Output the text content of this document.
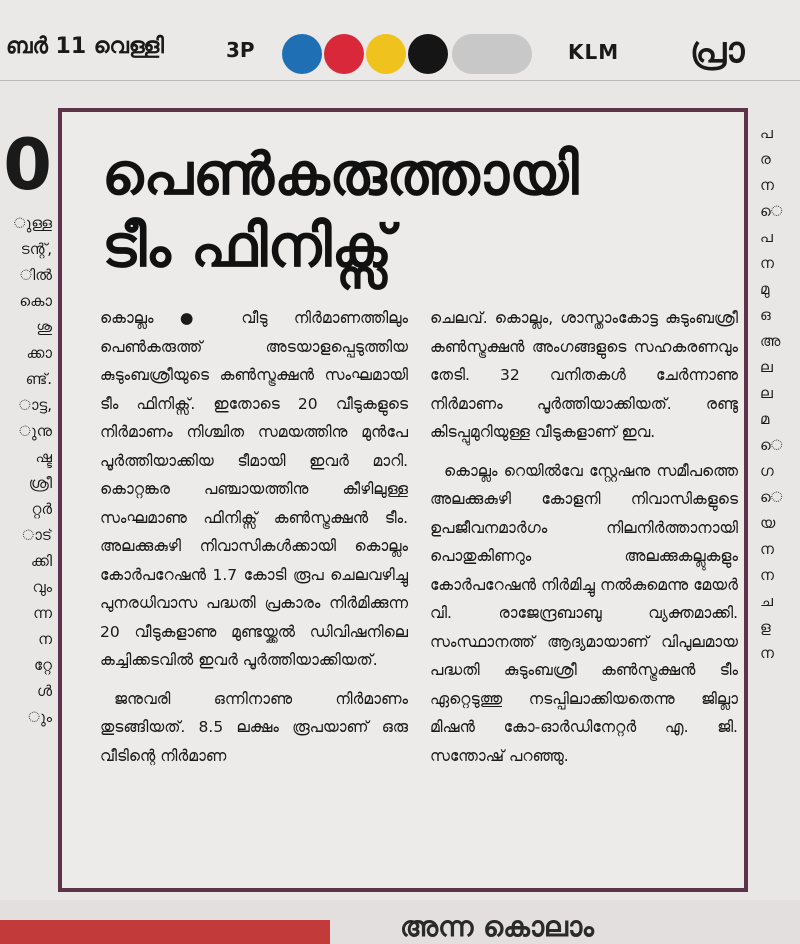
ബർ 11 വെള്ളി	3P	KLM പ്രാ
0
ുള്ള
ടന്റ്,
ിൽ
കൊ
ശു
ക്കാ
ണ്ട്.
ാട്ട,
ുനു
ഷ്ട
ശ്രീ
റ്റർ
ാട്
ക്കി
വും
ന്ന
ന
റ്റേ
ൾ
ും
പ
ര
ന
െ
പ
ന
മു
ഒ
അ
ല
ല
മ
െ
ഗ
െ
യ
ന
ന
ച
ള
ന
പെൺകരുത്തായി
ടീം ഫിനിക്സ്

കൊല്ലം ● വീടു നിർമാണത്തിലും പെൺകരുത്ത് അടയാളപ്പെടുത്തിയ കുടുംബശ്രീയുടെ കൺസ്ട്രക്ഷൻ സംഘമായി ടീം ഫിനിക്സ്. ഇതോടെ 20 വീടുകളുടെ നിർമാണം നിശ്ചിത സമയത്തിനു മുൻപേ പൂർത്തിയാക്കിയ ടീമായി ഇവർ മാറി. കൊറ്റങ്കര പഞ്ചായത്തിനു കീഴിലുള്ള സംഘമാണു ഫിനിക്സ് കൺസ്ട്രക്ഷൻ ടീം. അലക്കുകുഴി നിവാസികൾക്കായി കൊല്ലം കോർപറേഷൻ 1.7 കോടി രൂപ ചെലവഴിച്ചു പുനരധിവാസ പദ്ധതി പ്രകാരം നിർമിക്കുന്ന 20 വീടുകളാണു മുണ്ടയ്ക്കൽ ഡിവിഷനിലെ കച്ചിക്കടവിൽ ഇവർ പൂർത്തിയാക്കിയത്.

ജനുവരി ഒന്നിനാണു നിർമാണം തുടങ്ങിയത്. 8.5 ലക്ഷം രൂപയാണ് ഒരു വീടിന്റെ നിർമാണ

ചെലവ്. കൊല്ലം, ശാസ്താംകോട്ട കുടുംബശ്രീ കൺസ്ട്രക്ഷൻ അംഗങ്ങളുടെ സഹകരണവും തേടി. 32 വനിതകൾ ചേർന്നാണു നിർമാണം പൂർത്തിയാക്കിയത്. രണ്ടു കിടപ്പുമുറിയുള്ള വീടുകളാണ് ഇവ.

കൊല്ലം റെയിൽവേ സ്റ്റേഷനു സമീപത്തെ അലക്കുകുഴി കോളനി നിവാസികളുടെ ഉപജീവനമാർഗം നിലനിർത്താനായി പൊതുകിണറും അലക്കുകല്ലുകളും കോർപറേഷൻ നിർമിച്ചു നൽകുമെന്നു മേയർ വി. രാജേന്ദ്രബാബു വ്യക്തമാക്കി. സംസ്ഥാനത്ത് ആദ്യമായാണ് വിപുലമായ പദ്ധതി കുടുംബശ്രീ കൺസ്ട്രക്ഷൻ ടീം ഏറ്റെടുത്തു നടപ്പിലാക്കിയതെന്നു ജില്ലാ മിഷൻ കോ-ഓർഡിനേറ്റർ എ. ജി. സന്തോഷ് പറഞ്ഞു.

അന്ന കൊലാം
